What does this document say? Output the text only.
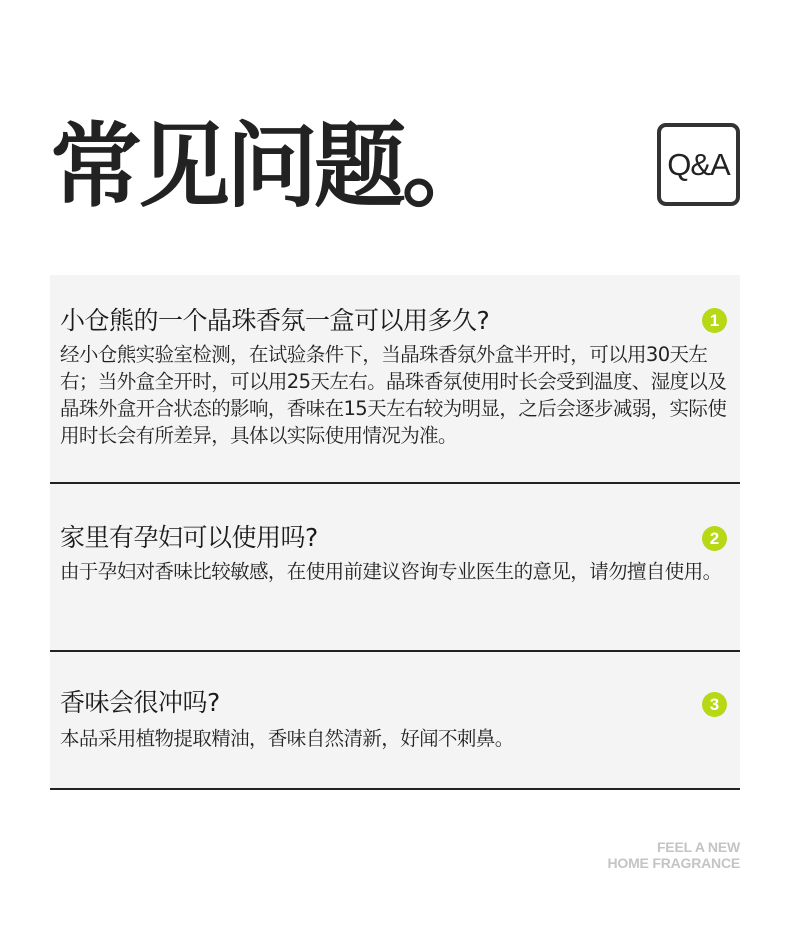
常见问题。	Q&A
小仓熊的一个晶珠香氛一盒可以用多久?	1

经小仓熊实验室检测，在试验条件下，当晶珠香氛外盒半开时，可以用30天左右；当外盒全开时，可以用25天左右。晶珠香氛使用时长会受到温度、湿度以及晶珠外盒开合状态的影响，香味在15天左右较为明显，之后会逐步减弱，实际使用时长会有所差异，具体以实际使用情况为准。

家里有孕妇可以使用吗?	2

由于孕妇对香味比较敏感，在使用前建议咨询专业医生的意见，请勿擅自使用。

香味会很冲吗?	3

本品采用植物提取精油，香味自然清新，好闻不刺鼻。

FEEL A NEW
HOME FRAGRANCE
